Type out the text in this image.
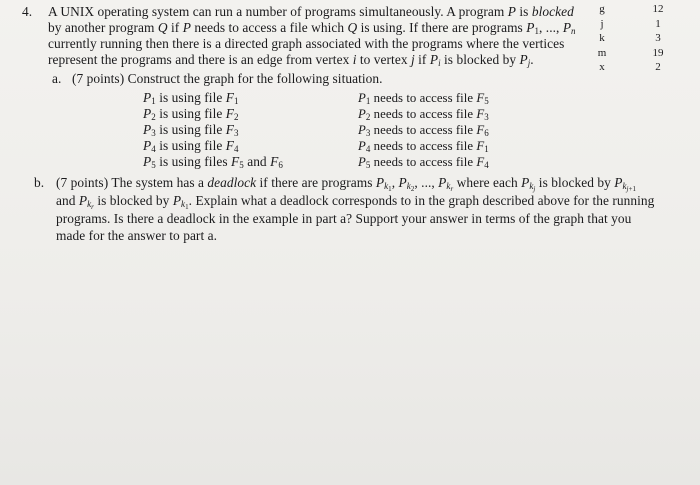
4. A UNIX operating system can run a number of programs simultaneously. A program P is blocked
by another program Q if P needs to access a file which Q is using. If there are programs $P_1$, ..., $P_n$
currently running then there is a directed graph associated with the programs where the vertices
represent the programs and there is an edge from vertex i to vertex j if $P_i$ is blocked by $P_j$.
a. (7 points) Construct the graph for the following situation.
$P_1$ is using file $F_1$
$P_2$ is using file $F_2$
$P_3$ is using file $F_3$
$P_4$ is using file $F_4$
$P_5$ is using files $F_5$ and $F_6$
$P_1$ needs to access file $F_5$
$P_2$ needs to access file $F_3$
$P_3$ needs to access file $F_6$
$P_4$ needs to access file $F_1$
$P_5$ needs to access file $F_4$
b. (7 points) The system has a deadlock if there are programs $P_{k_1}$, $P_{k_2}$, ..., $P_{k_r}$ where each $P_{k_j}$ is blocked by $P_{k_{j+1}}$
and $P_{k_r}$ is blocked by $P_{k_1}$. Explain what a deadlock corresponds to in the graph described above for the running
programs. Is there a deadlock in the example in part a? Support your answer in terms of the graph that you
made for the answer to part a.
g
j
k
m
x
12
1
3
19
2
